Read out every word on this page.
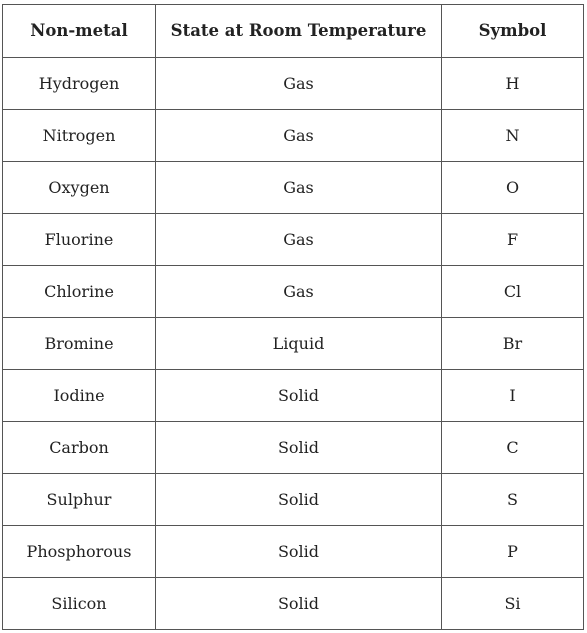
Non-metal	State at Room Temperature	Symbol
Hydrogen	Gas	H
Nitrogen	Gas	N
Oxygen	Gas	O
Fluorine	Gas	F
Chlorine	Gas	Cl
Bromine	Liquid	Br
Iodine	Solid	I
Carbon	Solid	C
Sulphur	Solid	S
Phosphorous	Solid	P
Silicon	Solid	Si
